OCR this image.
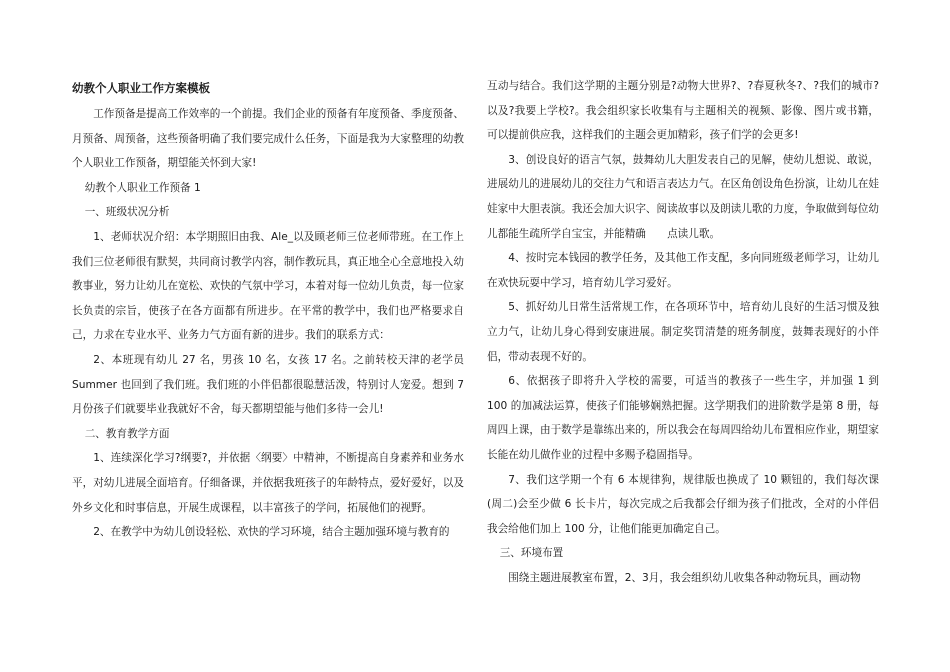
幼教个人职业工作方案模板

工作预备是提高工作效率的一个前提。我们企业的预备有年度预备、季度预备、月预备、周预备，这些预备明确了我们要完成什么任务，下面是我为大家整理的幼教个人职业工作预备，期望能关怀到大家!

幼教个人职业工作预备 1

一、班级状况分析

1、老师状况介绍：本学期照旧由我、Ale_以及顾老师三位老师带班。在工作上我们三位老师很有默契，共同商讨教学内容，制作教玩具，真正地全心全意地投入幼教事业，努力让幼儿在宽松、欢快的气氛中学习，本着对每一位幼儿负责，每一位家长负责的宗旨，使孩子在各方面都有所进步。在平常的教学中，我们也严格要求自己，力求在专业水平、业务力气方面有新的进步。我们的联系方式：

2、本班现有幼儿 27 名，男孩 10 名，女孩 17 名。之前转校天津的老学员 Summer 也回到了我们班。我们班的小伴侣都很聪慧活泼，特别讨人宠爱。想到 7 月份孩子们就要毕业我就好不舍，每天都期望能与他们多待一会儿!

二、教育教学方面

1、连续深化学习?纲要?，并依据〈纲要〉中精神，不断提高自身素养和业务水平，对幼儿进展全面培育。仔细备课，并依据我班孩子的年龄特点，爱好爱好，以及外乡文化和时事信息，开展生成课程，以丰富孩子的学问，拓展他们的视野。

2、在教学中为幼儿创设轻松、欢快的学习环境，结合主题加强环境与教育的

互动与结合。我们这学期的主题分别是?动物大世界?、?春夏秋冬?、?我们的城市?以及?我要上学校?。我会组织家长收集有与主题相关的视频、影像、图片或书籍，可以提前供应我，这样我们的主题会更加精彩，孩子们学的会更多!

3、创设良好的语言气氛，鼓舞幼儿大胆发表自己的见解，使幼儿想说、敢说，进展幼儿的进展幼儿的交往力气和语言表达力气。在区角创设角色扮演，让幼儿在娃娃家中大胆表演。我还会加大识字、阅读故事以及朗读儿歌的力度，争取做到每位幼儿都能生疏所学自宝宝，并能精确　　点读儿歌。

4、按时完本钱园的教学任务，及其他工作支配，多向同班级老师学习，让幼儿在欢快玩耍中学习，培育幼儿学习爱好。

5、抓好幼儿日常生活常规工作，在各项环节中，培育幼儿良好的生活习惯及独立力气，让幼儿身心得到安康进展。制定奖罚清楚的班务制度，鼓舞表现好的小伴侣，带动表现不好的。

6、依据孩子即将升入学校的需要，可适当的教孩子一些生字，并加强 1 到 100 的加减法运算，使孩子们能够娴熟把握。这学期我们的进阶数学是第 8 册，每周四上课，由于数学是靠练出来的，所以我会在每周四给幼儿布置相应作业，期望家长能在幼儿做作业的过程中多赐予稳固指导。

7、我们这学期一个有 6 本规律狗，规律版也换成了 10 颗钮的，我们每次课(周二)会至少做 6 长卡片，每次完成之后我都会仔细为孩子们批改，全对的小伴侣我会给他们加上 100 分，让他们能更加确定自己。

三、环境布置

围绕主题进展教室布置，2、3月，我会组织幼儿收集各种动物玩具，画动物
